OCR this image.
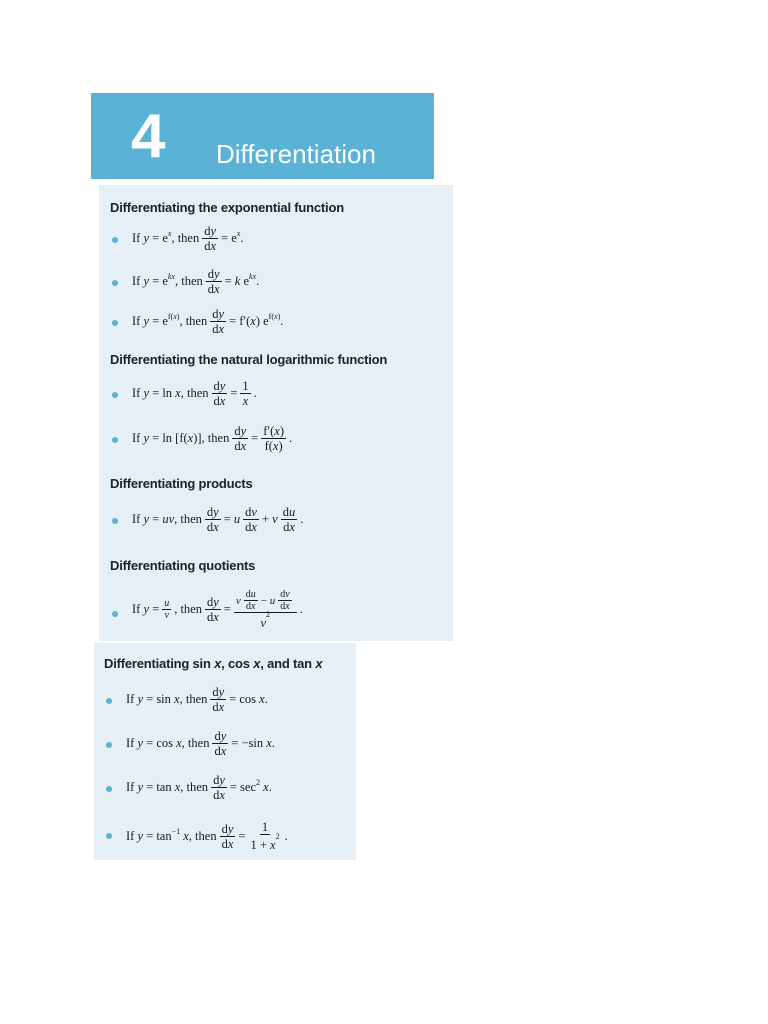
4 Differentiation
Differentiating the exponential function
If y = e $^x$ , then $\frac{dy}{dx} = e$ $^x$ .
If y = e $^{kx}$ , then $\frac{dy}{dx} = k$ e $^{kx}$ .
If $y = e^{f(x)}$ , then $\frac{dy}{dx} = f'$( x ) $e^{f(x)}$ .
Differentiating the natural logarithmic function
If y = ln x , then $\frac{dy}{dx} = \frac{1}{x}$ .
If y = ln [f( x )], then $\frac{dy}{dx} = \frac{f'(x)}{f(x)}$ .
Differentiating products
If y = uv , then $\frac{dy}{dx} = u \frac{dv}{dx} + v \frac{du}{dx}$ .
Differentiating quotients
If $y = \frac{u}{v}$ , then $\frac{dy}{dx} = \frac{v \frac{du}{dx} - u \frac{dv}{dx}}{v^2}$ .
Differentiating sin x, cos x, and tan x
If y = sin x , then $\frac{dy}{dx} = \cos x$ .
If y = cos x , then $\frac{dy}{dx} = -\sin$ x .
If y = tan x , then $\frac{dy}{dx} = \sec^2$
x .
If $y = \tan^{-1}$
x , then $\frac{dy}{dx} = \frac{1}{1 + x^2}$ .
